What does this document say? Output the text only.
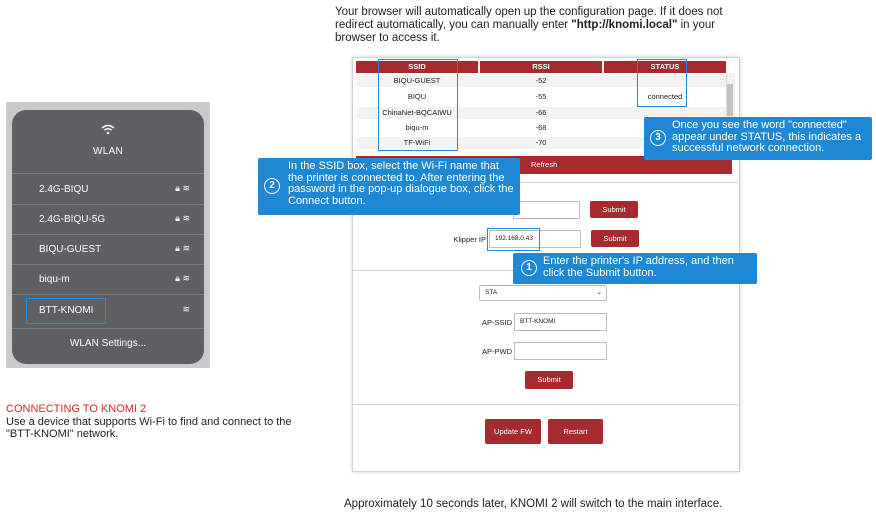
Your browser will automatically open up the configuration page. If it does not redirect automatically, you can manually enter "http://knomi.local" in your browser to access it.
WLAN
2.4G-BIQU	🔒︎ ≋
2.4G-BIQU-5G	🔒︎ ≋
BIQU-GUEST	🔒︎ ≋
biqu-m	🔒︎ ≋
BTT-KNOMI	≋
WLAN Settings...
CONNECTING TO KNOMI 2
Use a device that supports Wi-Fi to find and connect to the "BTT-KNOMI" network.
SSID	RSSI	STATUS
BIQU-GUEST	-52
BIQU	-55	connected
ChinaNet-BQCAIWU	-66
biqu-m	-68
TF-WiFi	-70
Refresh
Submit
Klipper IP	192.168.0.43	Submit
STA	⌄
AP-SSID	BTT-KNOMI
AP-PWD
Submit
Update FW	Restart
1
Enter the printer's IP address, and then click the Submit button.
2
In the SSID box, select the Wi-Fi name that the printer is connected to. After entering the password in the pop-up dialogue box, click the Connect button.
3
Once you see the word "connected" appear under STATUS, this indicates a successful network connection.
Approximately 10 seconds later, KNOMI 2 will switch to the main interface.
